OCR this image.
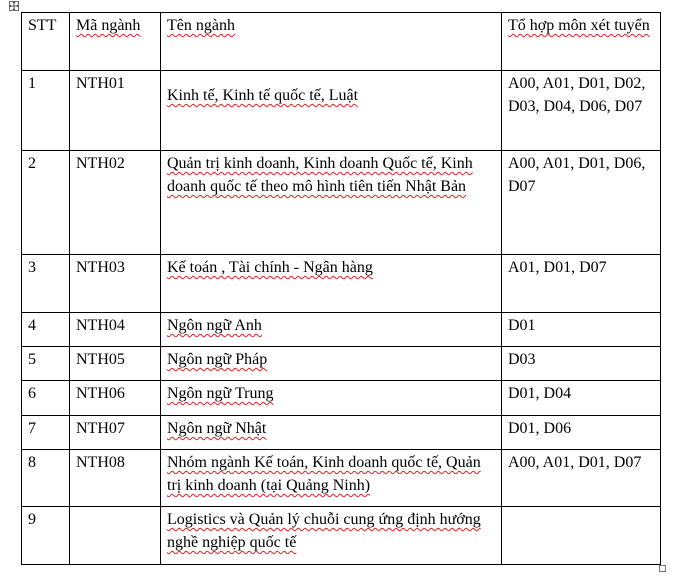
STT	Mã ngành	Tên ngành	Tổ hợp môn xét tuyển
1	NTH01	Kinh tế, Kinh tế quốc tế, Luật	A00, A01, D01, D02, D03, D04, D06, D07
2	NTH02	Quản trị kinh doanh, Kinh doanh Quốc tế, Kinh doanh quốc tế theo mô hình tiên tiến Nhật Bản	A00, A01, D01, D06, D07
3	NTH03	Kế toán , Tài chính - Ngân hàng	A01, D01, D07
4	NTH04	Ngôn ngữ Anh	D01
5	NTH05	Ngôn ngữ Pháp	D03
6	NTH06	Ngôn ngữ Trung	D01, D04
7	NTH07	Ngôn ngữ Nhật	D01, D06
8	NTH08	Nhóm ngành Kế toán, Kinh doanh quốc tế, Quản trị kinh doanh (tại Quảng Ninh)	A00, A01, D01, D07
9		Logistics và Quản lý chuỗi cung ứng định hướng nghề nghiệp quốc tế	
